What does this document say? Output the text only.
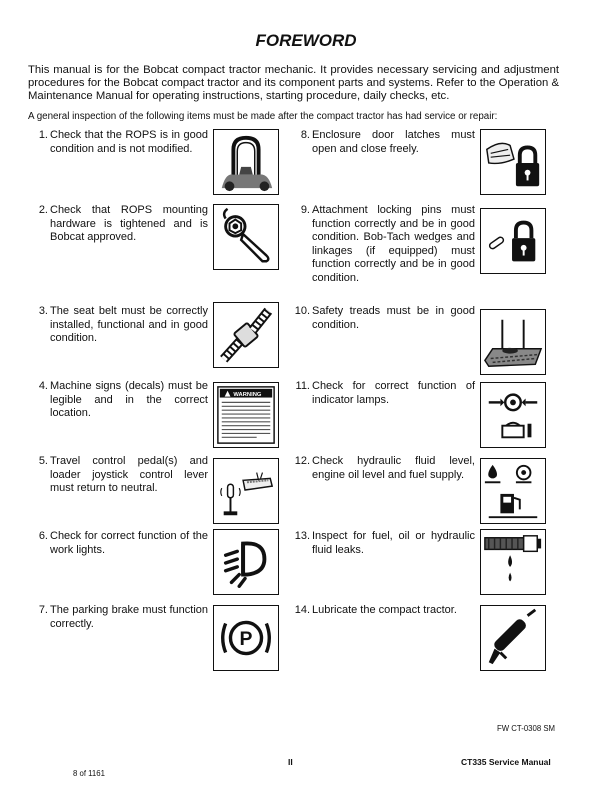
FOREWORD
This manual is for the Bobcat compact tractor mechanic. It provides necessary servicing and adjustment procedures for the Bobcat compact tractor and its component parts and systems. Refer to the Operation & Maintenance Manual for operating instructions, starting procedure, daily checks, etc.
A general inspection of the following items must be made after the compact tractor has had service or repair:
1. Check that the ROPS is in good condition and is not modified.
2. Check that ROPS mounting hardware is tightened and is Bobcat approved.
3. The seat belt must be correctly installed, functional and in good condition.
4. Machine signs (decals) must be legible and in the correct location.
WARNING
5. Travel control pedal(s) and loader joystick control lever must return to neutral.
6. Check for correct function of the work lights.
7. The parking brake must function correctly.
P
8. Enclosure door latches must open and close freely.
9. Attachment locking pins must function correctly and be in good condition. Bob-Tach wedges and linkages (if equipped) must function correctly and be in good condition.
10. Safety treads must be in good condition.
11. Check for correct function of indicator lamps.
12. Check hydraulic fluid level, engine oil level and fuel supply.
13. Inspect for fuel, oil or hydraulic fluid leaks.
14. Lubricate the compact tractor.
FW CT-0308 SM
II	CT335 Service Manual
8 of 1161
